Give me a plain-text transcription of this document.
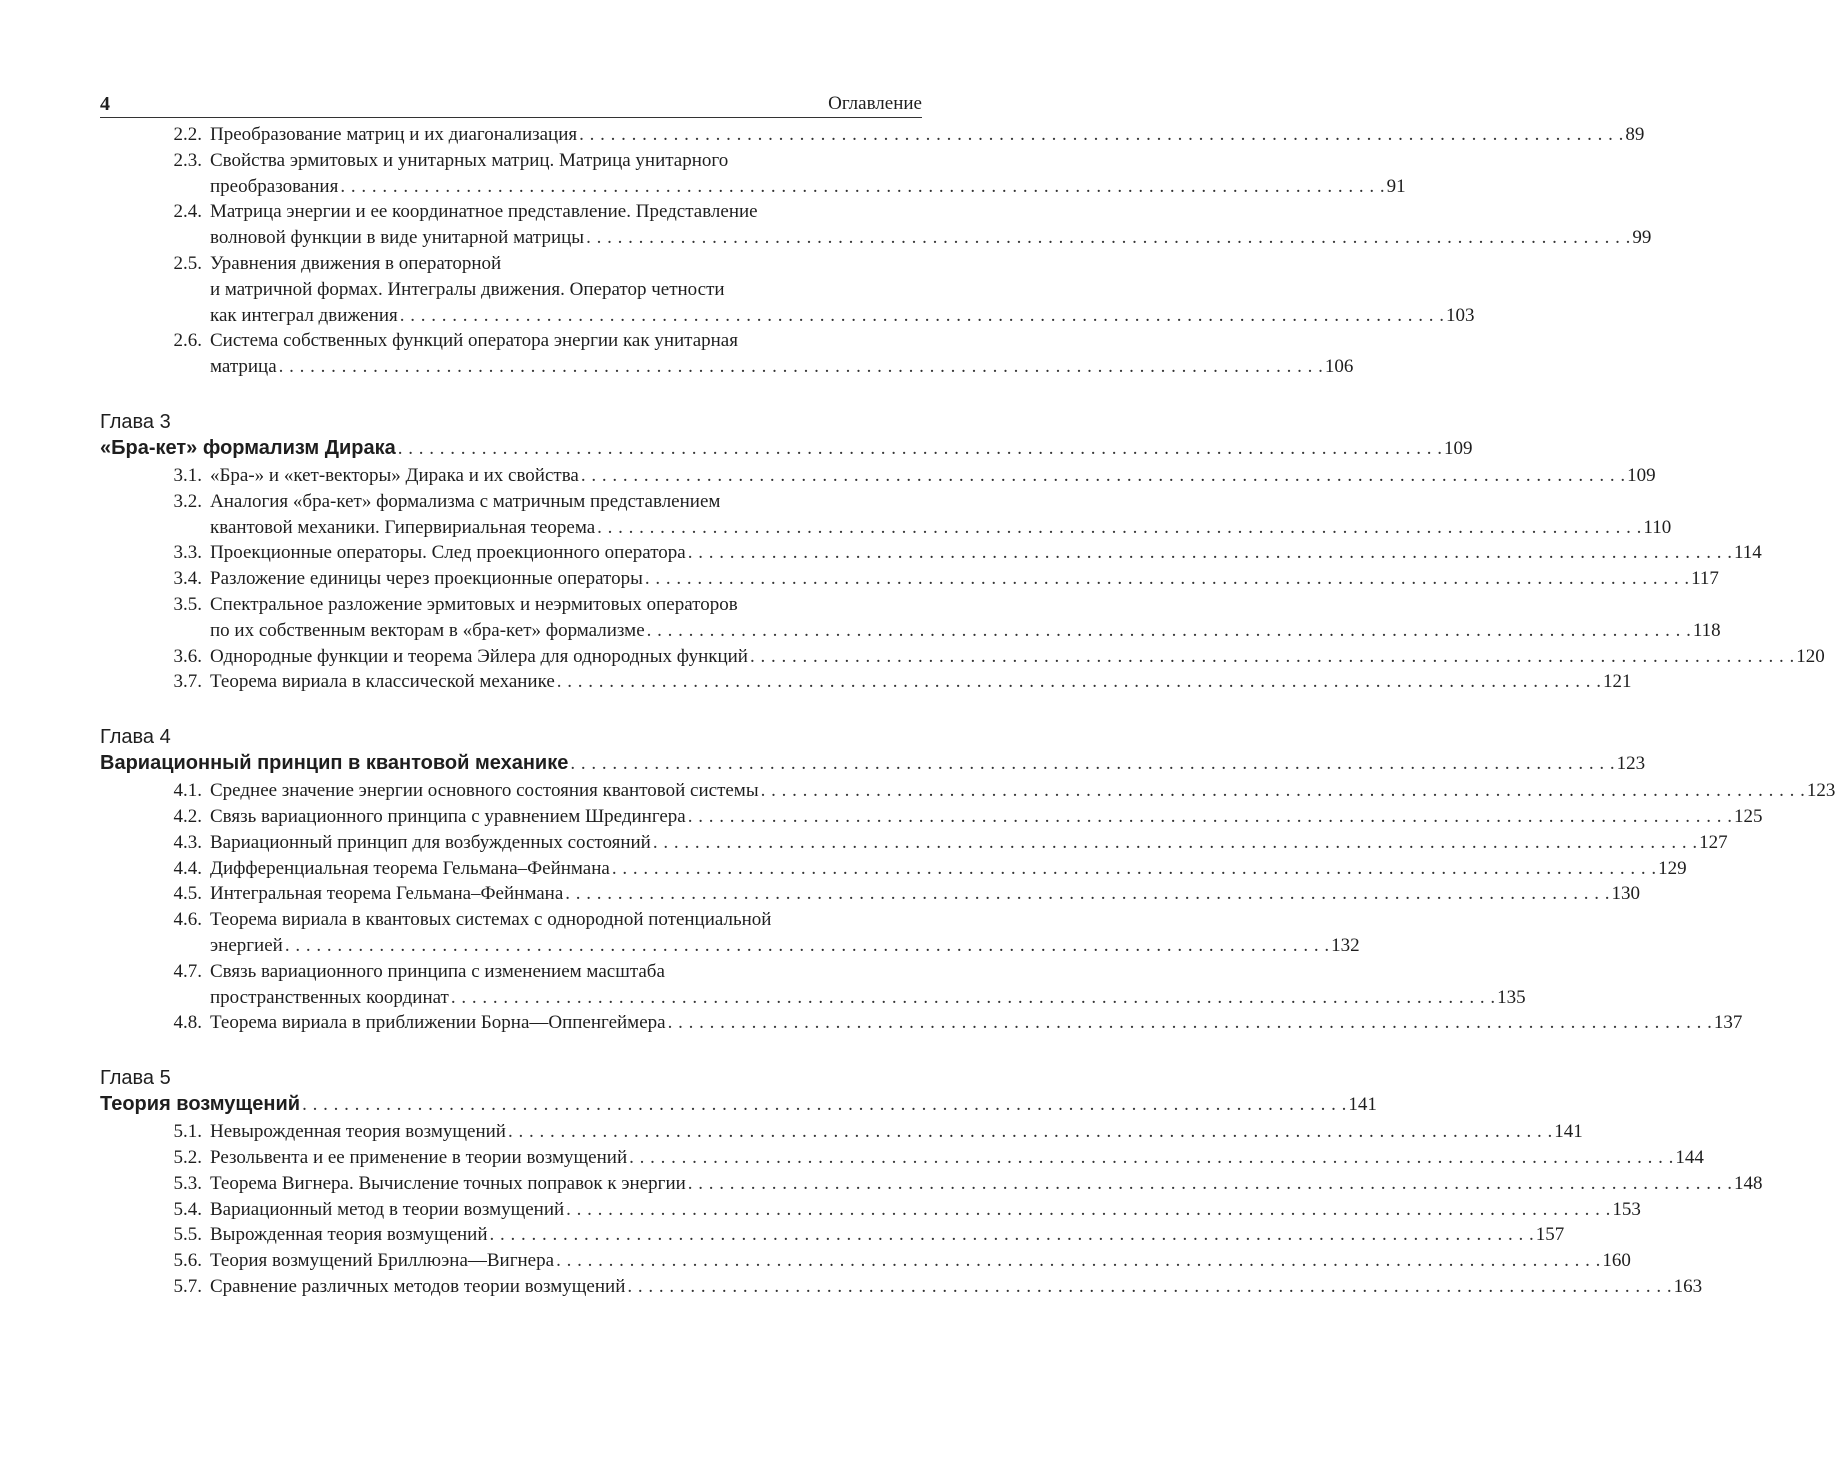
4	Оглавление
2.2. Преобразование матриц и их диагонализация . . .	89
2.3. Свойства эрмитовых и унитарных матриц. Матрица унитарного
преобразования . . .	91
2.4. Матрица энергии и ее координатное представление. Представление
волновой функции в виде унитарной матрицы . . .	99
2.5. Уравнения движения в операторной
и матричной формах. Интегралы движения. Оператор четности
как интеграл движения . . .	103
2.6. Система собственных функций оператора энергии как унитарная
матрица . . .	106
Глава 3
«Бра-кет» формализм Дирака . . .	109
3.1. «Бра-» и «кет-векторы» Дирака и их свойства . . .	109
3.2. Аналогия «бра-кет» формализма с матричным представлением
квантовой механики. Гипервириальная теорема . . .	110
3.3. Проекционные операторы. След проекционного оператора . . .	114
3.4. Разложение единицы через проекционные операторы . . .	117
3.5. Спектральное разложение эрмитовых и неэрмитовых операторов
по их собственным векторам в «бра-кет» формализме . . .	118
3.6. Однородные функции и теорема Эйлера для однородных функций . . .	120
3.7. Теорема вириала в классической механике . . .	121
Глава 4
Вариационный принцип в квантовой механике . . .	123
4.1. Среднее значение энергии основного состояния квантовой системы . . .	123
4.2. Связь вариационного принципа с уравнением Шредингера . . .	125
4.3. Вариационный принцип для возбужденных состояний . . .	127
4.4. Дифференциальная теорема Гельмана–Фейнмана . . .	129
4.5. Интегральная теорема Гельмана–Фейнмана . . .	130
4.6. Теорема вириала в квантовых системах с однородной потенциальной
энергией . . .	132
4.7. Связь вариационного принципа с изменением масштаба
пространственных координат . . .	135
4.8. Теорема вириала в приближении Борна—Оппенгеймера . . .	137
Глава 5
Теория возмущений . . .	141
5.1. Невырожденная теория возмущений . . .	141
5.2. Резольвента и ее применение в теории возмущений . . .	144
5.3. Теорема Вигнера. Вычисление точных поправок к энергии . . .	148
5.4. Вариационный метод в теории возмущений . . .	153
5.5. Вырожденная теория возмущений . . .	157
5.6. Теория возмущений Бриллюэна—Вигнера . . .	160
5.7. Сравнение различных методов теории возмущений . . .	163
